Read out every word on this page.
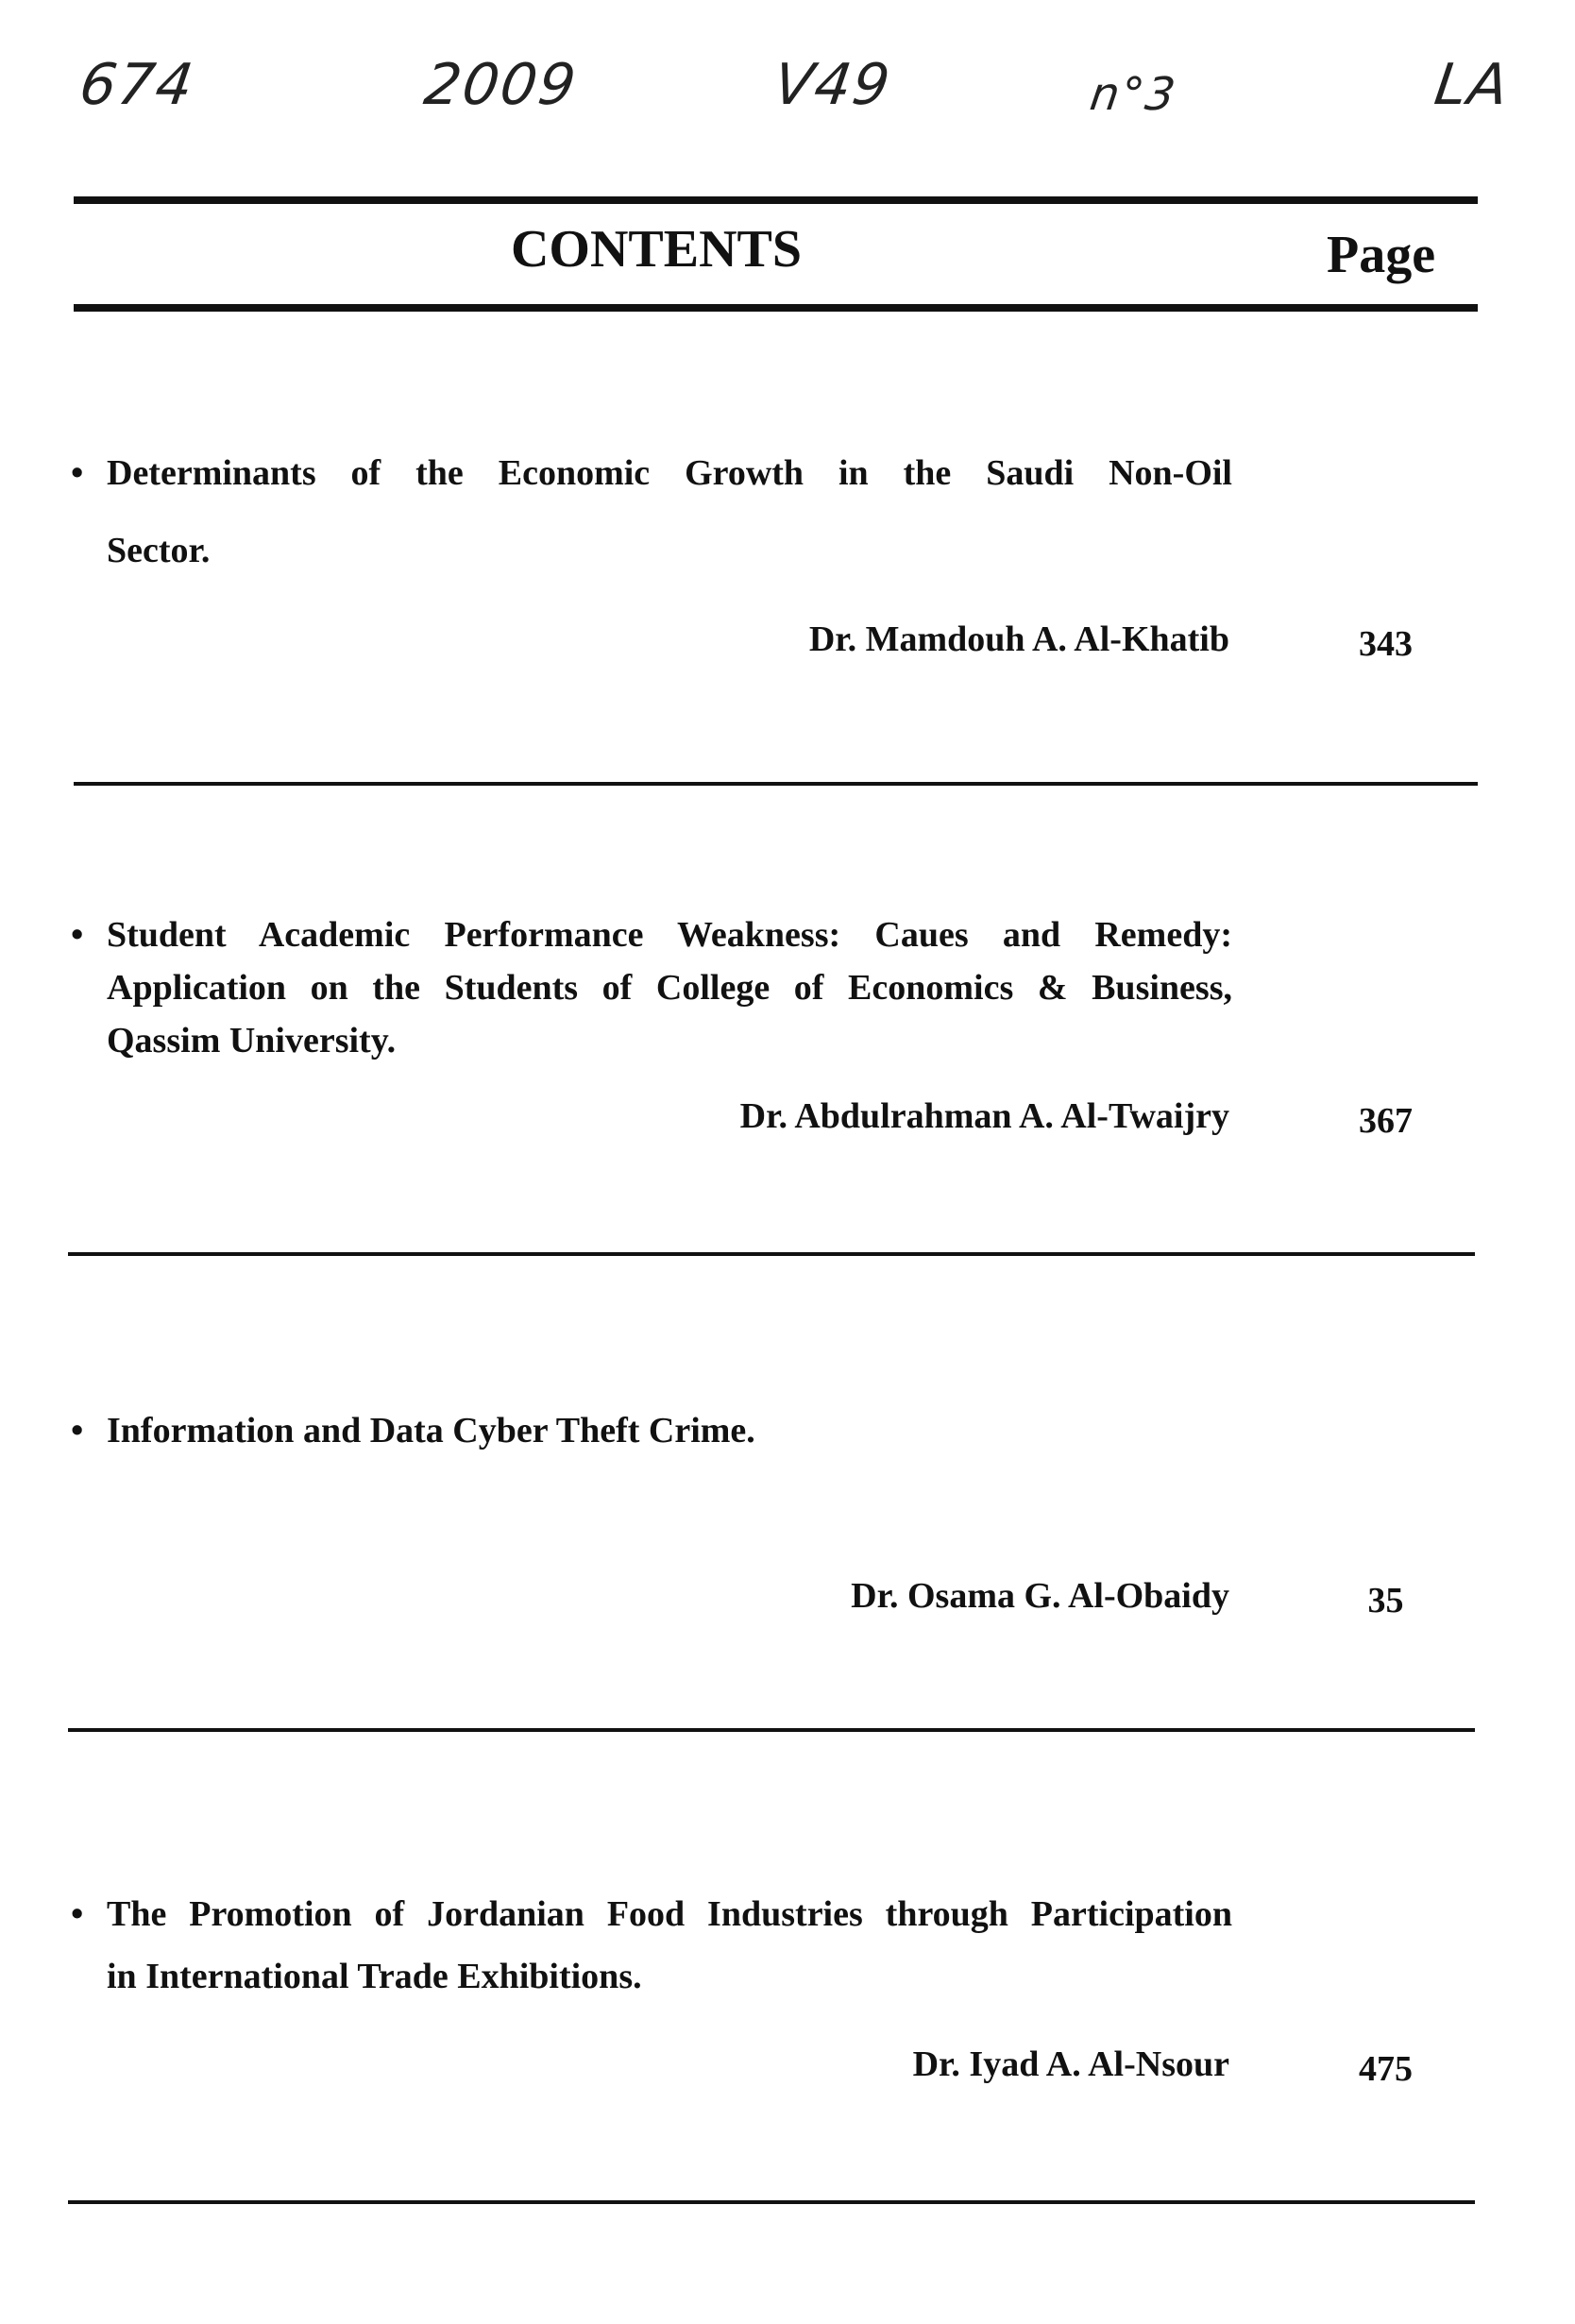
674	2009	V49	n°3	LA
CONTENTS	Page
• Determinants of the Economic Growth in the Saudi Non-Oil
Sector.
Dr. Mamdouh A. Al-Khatib	343
• Student Academic Performance Weakness: Caues and Remedy:
Application on the Students of College of Economics & Business,
Qassim University.
Dr. Abdulrahman A. Al-Twaijry	367
• Information and Data Cyber Theft Crime.
Dr. Osama G. Al-Obaidy	35
• The Promotion of Jordanian Food Industries through Participation
in International Trade Exhibitions.
Dr. Iyad A. Al-Nsour	475
